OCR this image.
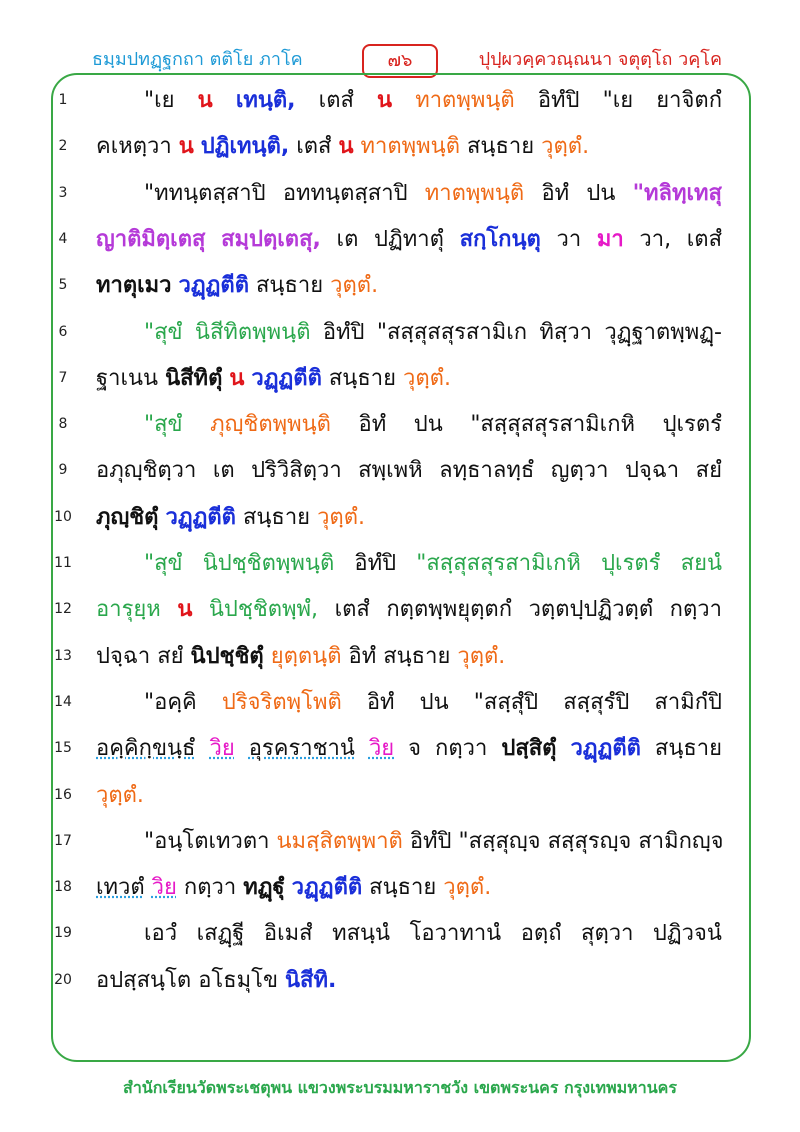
ธมฺมปทฏฺฐกถา ตติโย ภาโค	๗๖	ปุปฺผวคฺควณฺณนา จตุตฺโถ วคฺโค
1	"เย น เทนฺติ, เตสํ น ทาตพฺพนฺติ อิทํปิ "เย ยาจิตกํ
2	คเหตฺวา น ปฏิเทนฺติ, เตสํ น ทาตพฺพนฺติ สนฺธาย วุตฺตํ.
3	"ททนฺตสฺสาปิ อททนฺตสฺสาปิ ทาตพฺพนฺติ อิทํ ปน "ทลิทฺเทสุ
4	ญาติมิตฺเตสุ สมฺปตฺเตสุ, เต ปฏิทาตุํ สกฺโกนฺตุ วา มา วา, เตสํ
5	ทาตุเมว วฏฺฏตีติ สนฺธาย วุตฺตํ.
6	"สุขํ นิสีทิตพฺพนฺติ อิทํปิ "สสฺสุสสุรสามิเก ทิสฺวา วุฏฺฐาตพฺพฏฺ-
7	ฐาเนน นิสีทิตุํ น วฏฺฏตีติ สนฺธาย วุตฺตํ.
8	"สุขํ ภุญฺชิตพฺพนฺติ อิทํ ปน "สสฺสุสสุรสามิเกหิ ปุเรตรํ
9	อภุญฺชิตฺวา เต ปริวิสิตฺวา สพฺเพหิ ลทฺธาลทฺธํ ญตฺวา ปจฺฉา สยํ
10 ภุญฺชิตุํ วฏฺฏตีติ สนฺธาย วุตฺตํ.
11	"สุขํ นิปชฺชิตพฺพนฺติ อิทํปิ "สสฺสุสสุรสามิเกหิ ปุเรตรํ สยนํ
12 อารุยฺห น นิปชฺชิตพฺพํ, เตสํ กตฺตพฺพยุตฺตกํ วตฺตปฺปฏิวตฺตํ กตฺวา
13 ปจฺฉา สยํ นิปชฺชิตุํ ยุตฺตนฺติ อิทํ สนฺธาย วุตฺตํ.
14	"อคฺคิ ปริจริตพฺโพติ อิทํ ปน "สสฺสุํปิ สสฺสุรํปิ สามิกํปิ
15 อคฺคิกฺขนฺธํ วิย อุรคราชานํ วิย จ กตฺวา ปสฺสิตุํ วฏฺฏตีติ สนฺธาย
16 วุตฺตํ.
17	"อนฺโตเทวตา นมสฺสิตพฺพาติ อิทํปิ "สสฺสุญฺจ สสฺสุรญฺจ สามิกญฺจ
18 เทวตํ วิย กตฺวา ทฏฺฐุํ วฏฺฏตีติ สนฺธาย วุตฺตํ.
19	เอวํ เสฏฺฐี อิเมสํ ทสนฺนํ โอวาทานํ อตฺถํ สุตฺวา ปฏิวจนํ
20 อปสฺสนฺโต อโธมุโข นิสีทิ.
สำนักเรียนวัดพระเชตุพน แขวงพระบรมมหาราชวัง เขตพระนคร กรุงเทพมหานคร
